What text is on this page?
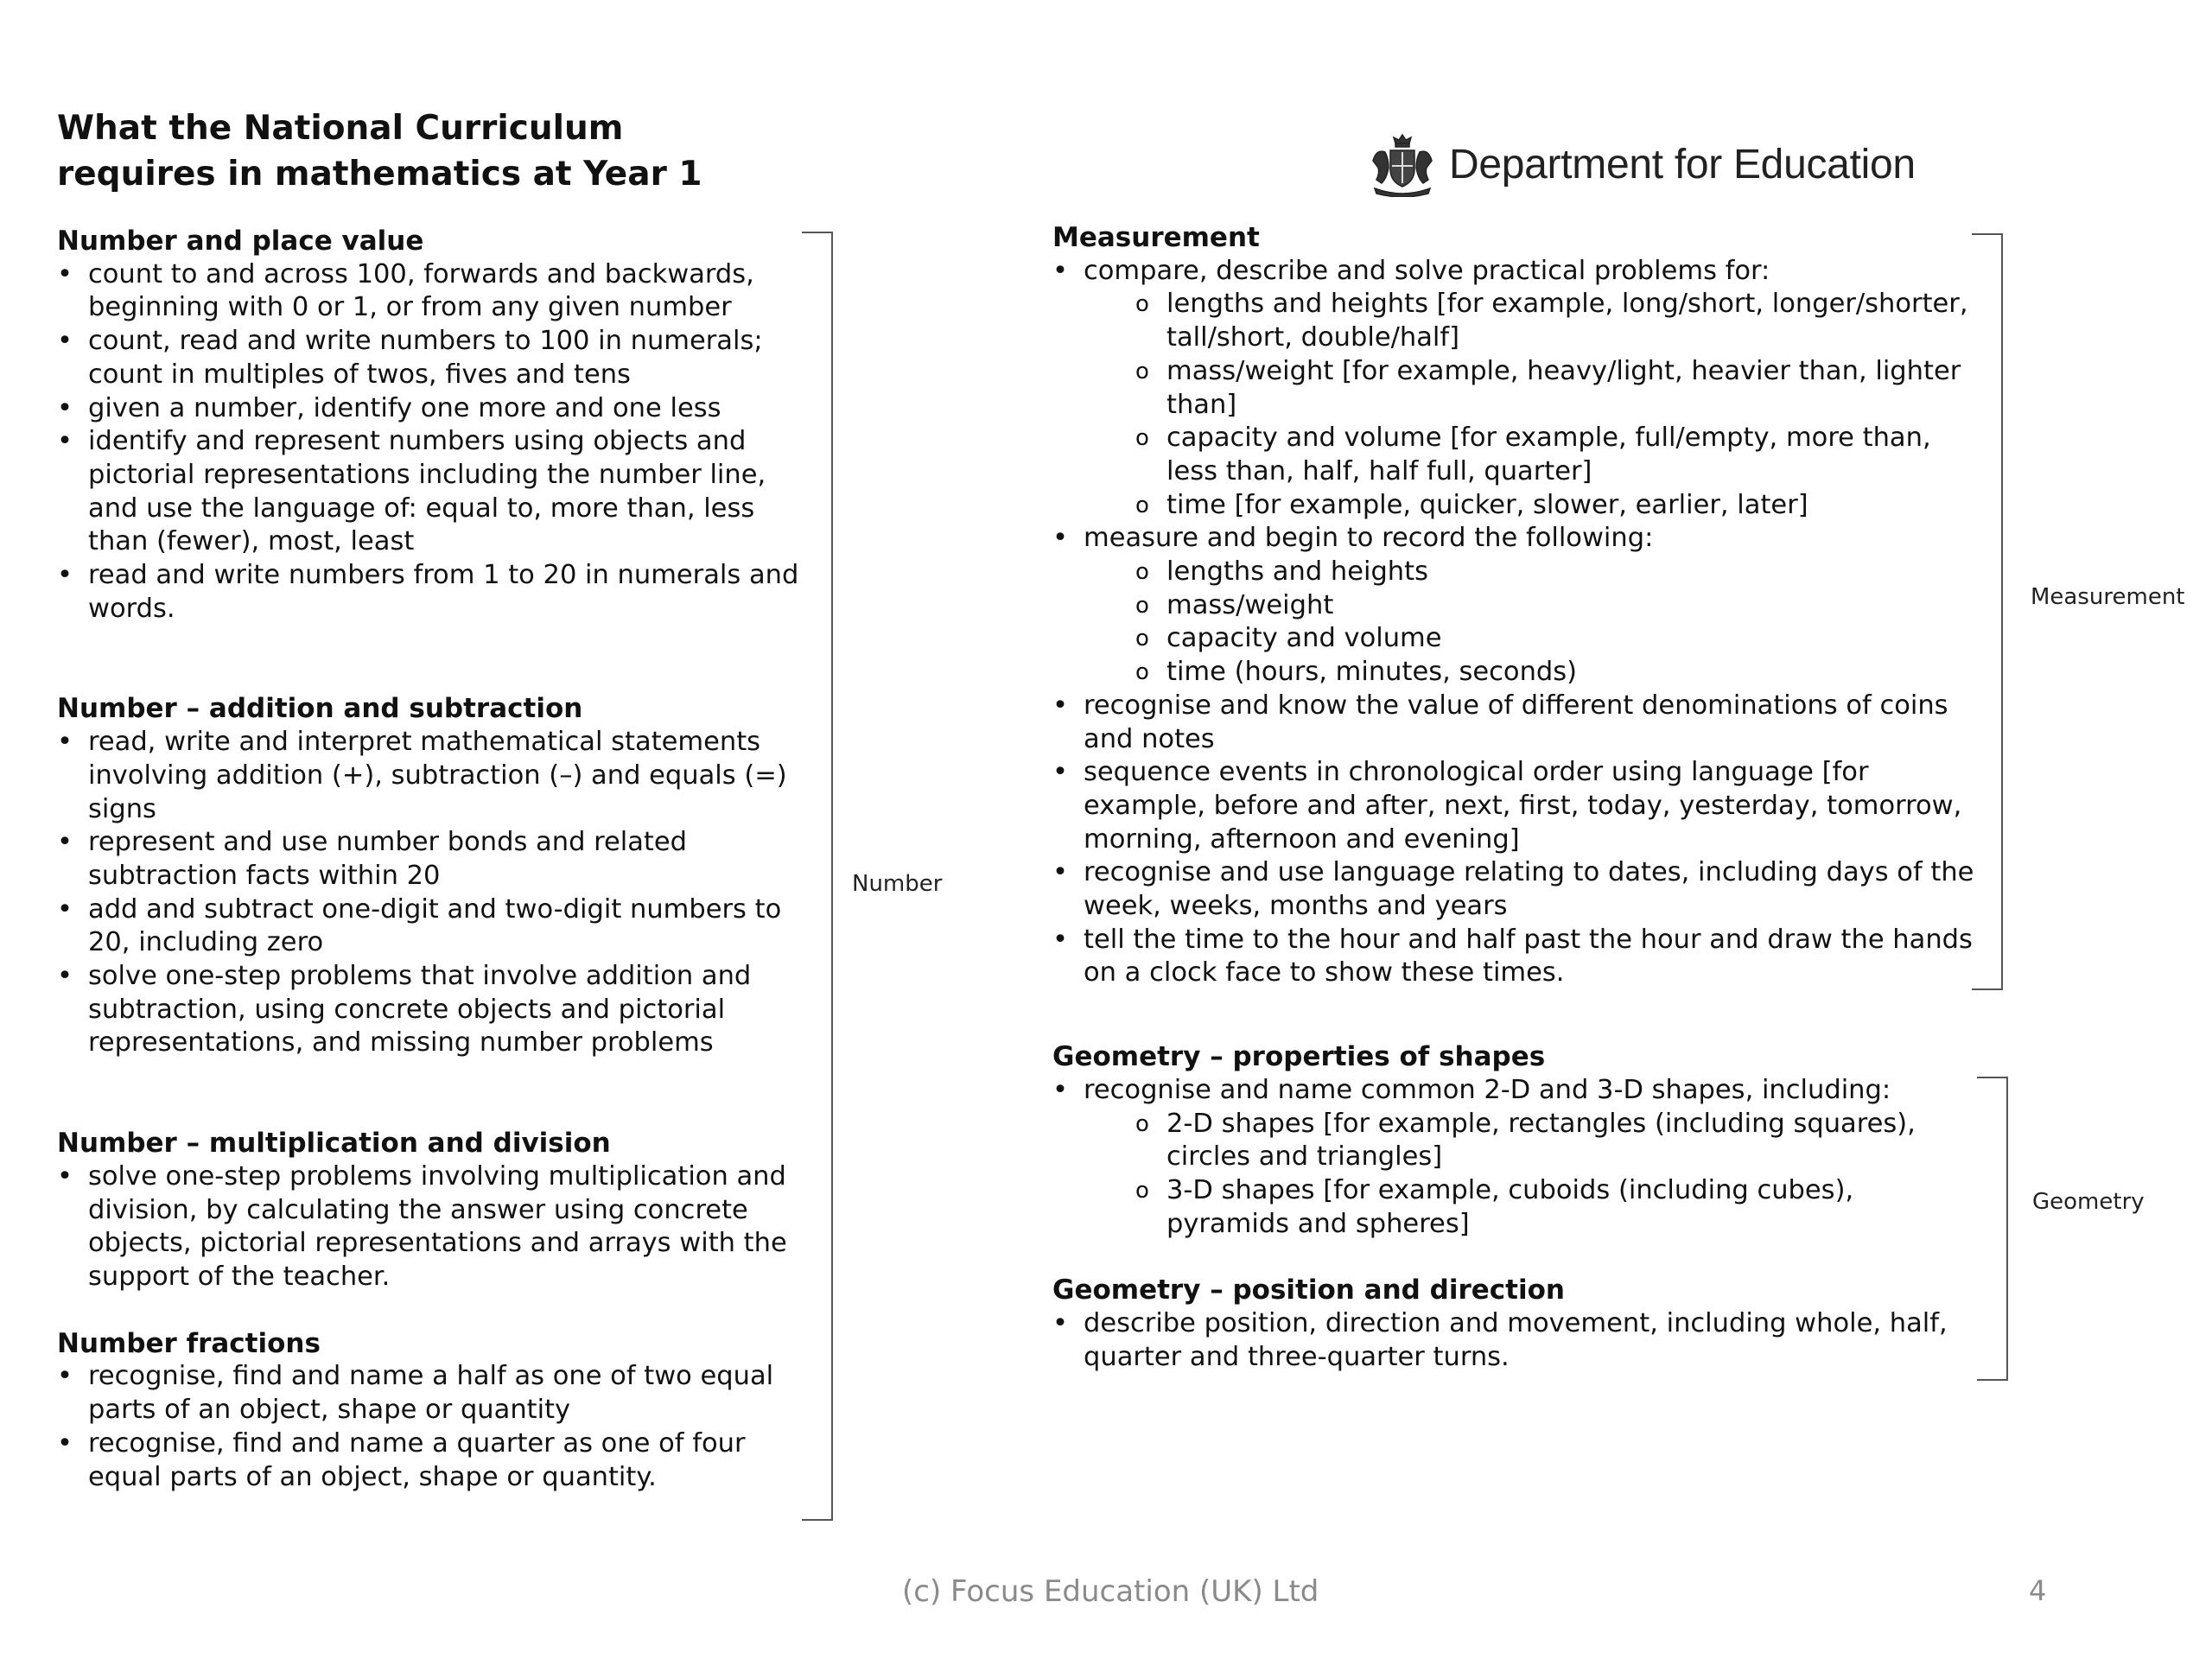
What the National Curriculum
requires in mathematics at Year 1	Department for Education
Number and place value
• count to and across 100, forwards and backwards, beginning with 0 or 1, or from any given number
• count, read and write numbers to 100 in numerals; count in multiples of twos, fives and tens
• given a number, identify one more and one less
• identify and represent numbers using objects and pictorial representations including the number line, and use the language of: equal to, more than, less than (fewer), most, least
• read and write numbers from 1 to 20 in numerals and words.
Number – addition and subtraction
• read, write and interpret mathematical statements involving addition (+), subtraction (–) and equals (=) signs
• represent and use number bonds and related subtraction facts within 20
• add and subtract one-digit and two-digit numbers to 20, including zero
• solve one-step problems that involve addition and subtraction, using concrete objects and pictorial representations, and missing number problems
Number – multiplication and division
• solve one-step problems involving multiplication and division, by calculating the answer using concrete objects, pictorial representations and arrays with the support of the teacher.
Number fractions
• recognise, find and name a half as one of two equal parts of an object, shape or quantity
• recognise, find and name a quarter as one of four equal parts of an object, shape or quantity.
Number
Measurement
• compare, describe and solve practical problems for:
o lengths and heights [for example, long/short, longer/shorter, tall/short, double/half]
o mass/weight [for example, heavy/light, heavier than, lighter than]
o capacity and volume [for example, full/empty, more than, less than, half, half full, quarter]
o time [for example, quicker, slower, earlier, later]
• measure and begin to record the following:
o lengths and heights
o mass/weight
o capacity and volume
o time (hours, minutes, seconds)
• recognise and know the value of different denominations of coins and notes
• sequence events in chronological order using language [for example, before and after, next, first, today, yesterday, tomorrow, morning, afternoon and evening]
• recognise and use language relating to dates, including days of the week, weeks, months and years
• tell the time to the hour and half past the hour and draw the hands on a clock face to show these times.
Geometry – properties of shapes
• recognise and name common 2-D and 3-D shapes, including:
o 2-D shapes [for example, rectangles (including squares), circles and triangles]
o 3-D shapes [for example, cuboids (including cubes), pyramids and spheres]
Geometry – position and direction
• describe position, direction and movement, including whole, half, quarter and three-quarter turns.
Measurement
Geometry
(c) Focus Education (UK) Ltd	4
